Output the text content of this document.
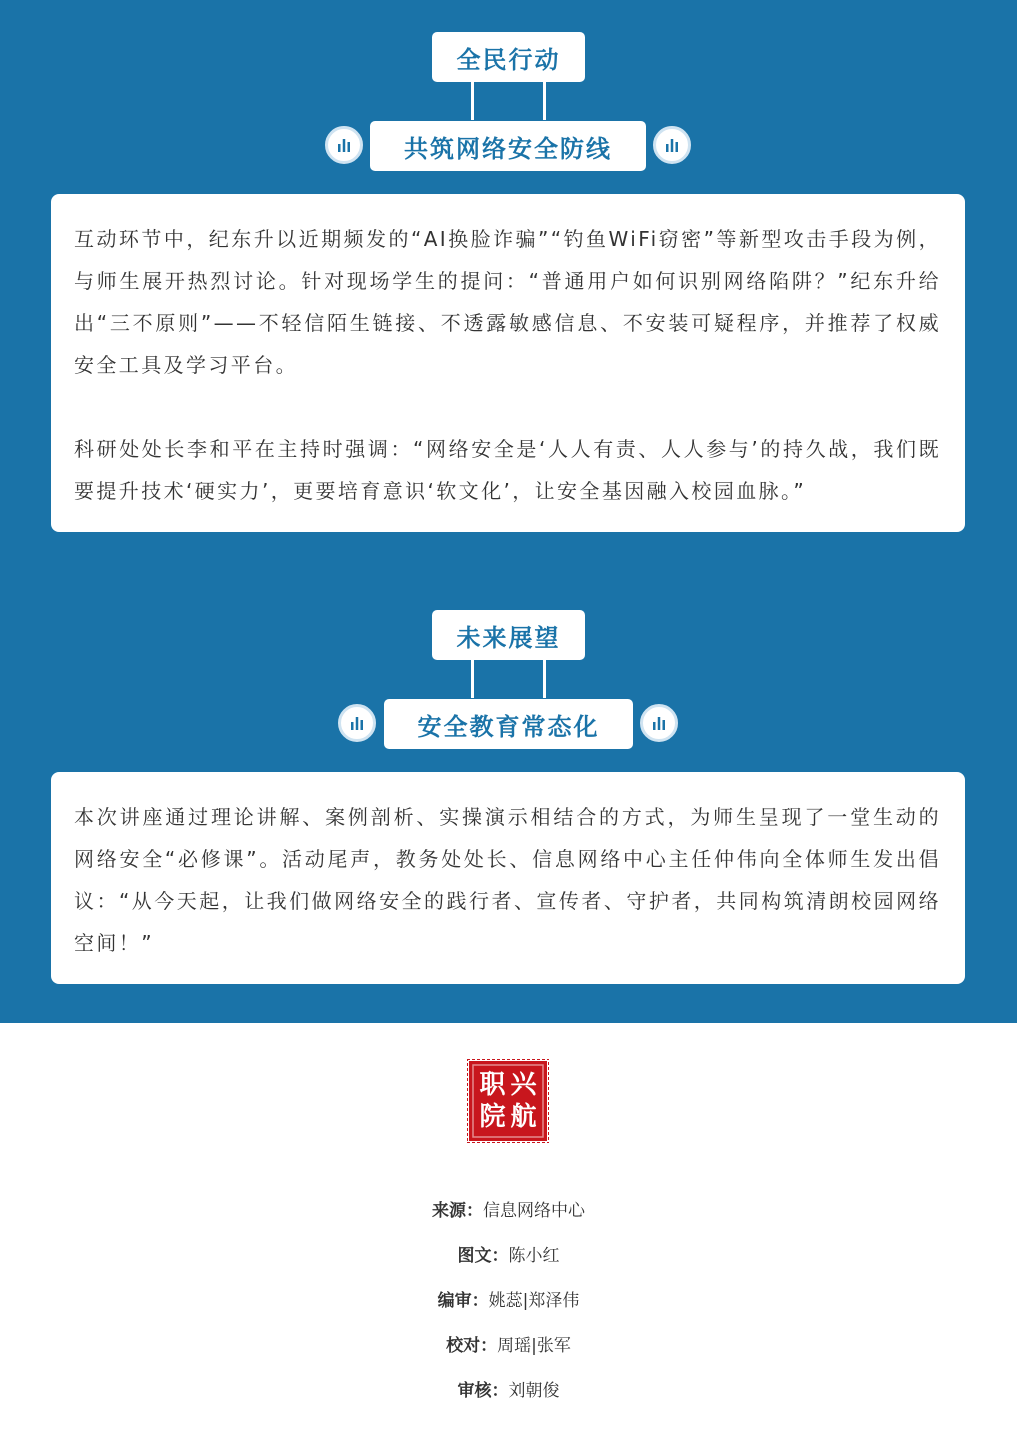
全民行动
共筑网络安全防线

互动环节中，纪东升以近期频发的“AI换脸诈骗”“钓鱼WiFi窃密”等新型攻击手段为例，与师生展开热烈讨论。针对现场学生的提问：“普通用户如何识别网络陷阱？”纪东升给出“三不原则”——不轻信陌生链接、不透露敏感信息、不安装可疑程序，并推荐了权威安全工具及学习平台。

科研处处长李和平在主持时强调：“网络安全是‘人人有责、人人参与’的持久战，我们既要提升技术‘硬实力’，更要培育意识‘软文化’，让安全基因融入校园血脉。”

未来展望
安全教育常态化

本次讲座通过理论讲解、案例剖析、实操演示相结合的方式，为师生呈现了一堂生动的网络安全“必修课”。活动尾声，教务处处长、信息网络中心主任仲伟向全体师生发出倡议：“从今天起，让我们做网络安全的践行者、宣传者、守护者，共同构筑清朗校园网络空间！”

职 兴
院 航
来源： 信息网络中心
图文： 陈小红
编审： 姚蕊|郑泽伟
校对： 周瑶|张军
审核： 刘朝俊
